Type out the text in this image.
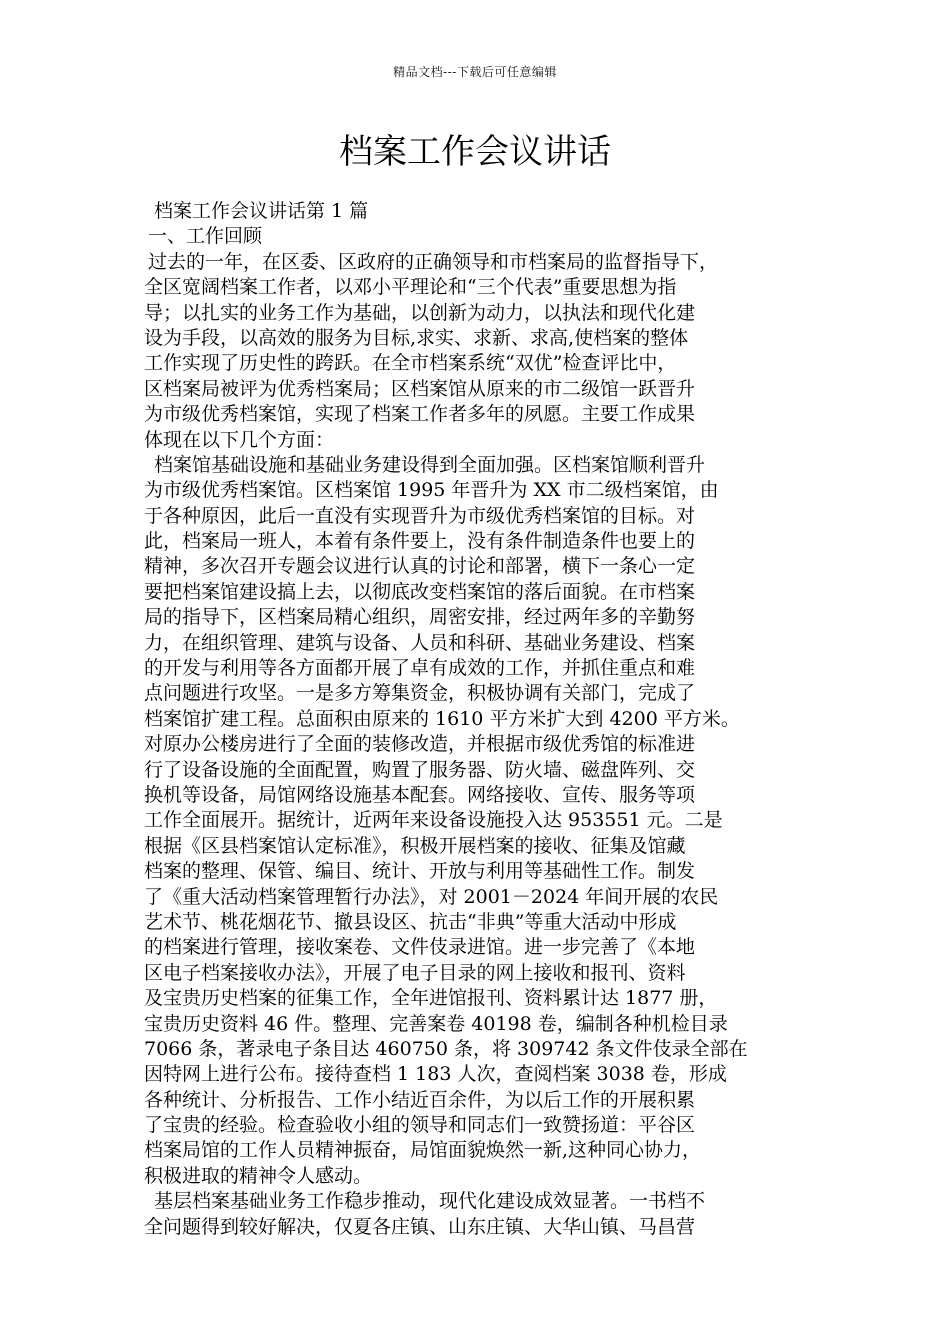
精品文档---下载后可任意编辑
档案工作会议讲话
档案工作会议讲话第 1 篇
一、工作回顾
过去的一年，在区委、区政府的正确领导和市档案局的监督指导下，
全区宽阔档案工作者，以邓小平理论和“三个代表”重要思想为指
导；以扎实的业务工作为基础，以创新为动力，以执法和现代化建
设为手段，以高效的服务为目标,求实、求新、求高,使档案的整体
工作实现了历史性的跨跃。在全市档案系统“双优”检查评比中，
区档案局被评为优秀档案局；区档案馆从原来的市二级馆一跃晋升
为市级优秀档案馆，实现了档案工作者多年的夙愿。主要工作成果
体现在以下几个方面：
档案馆基础设施和基础业务建设得到全面加强。区档案馆顺利晋升
为市级优秀档案馆。区档案馆 1995 年晋升为 XX 市二级档案馆，由
于各种原因，此后一直没有实现晋升为市级优秀档案馆的目标。对
此，档案局一班人，本着有条件要上，没有条件制造条件也要上的
精神，多次召开专题会议进行认真的讨论和部署，横下一条心一定
要把档案馆建设搞上去，以彻底改变档案馆的落后面貌。在市档案
局的指导下，区档案局精心组织，周密安排，经过两年多的辛勤努
力，在组织管理、建筑与设备、人员和科研、基础业务建设、档案
的开发与利用等各方面都开展了卓有成效的工作，并抓住重点和难
点问题进行攻坚。一是多方筹集资金，积极协调有关部门，完成了
档案馆扩建工程。总面积由原来的 1610 平方米扩大到 4200 平方米。
对原办公楼房进行了全面的装修改造，并根据市级优秀馆的标准进
行了设备设施的全面配置，购置了服务器、防火墙、磁盘阵列、交
换机等设备，局馆网络设施基本配套。网络接收、宣传、服务等项
工作全面展开。据统计，近两年来设备设施投入达 953551 元。二是
根据《区县档案馆认定标准》，积极开展档案的接收、征集及馆藏
档案的整理、保管、编目、统计、开放与利用等基础性工作。制发
了《重大活动档案管理暂行办法》，对 2001－2024 年间开展的农民
艺术节、桃花烟花节、撤县设区、抗击“非典”等重大活动中形成
的档案进行管理，接收案卷、文件伎录进馆。进一步完善了《本地
区电子档案接收办法》，开展了电子目录的网上接收和报刊、资料
及宝贵历史档案的征集工作，全年进馆报刊、资料累计达 1877 册，
宝贵历史资料 46 件。整理、完善案卷 40198 卷，编制各种机检目录
7066 条，著录电子条目达 460750 条，将 309742 条文件伎录全部在
因特网上进行公布。接待查档 1 183 人次，查阅档案 3038 卷，形成
各种统计、分析报告、工作小结近百余件，为以后工作的开展积累
了宝贵的经验。检查验收小组的领导和同志们一致赞扬道：平谷区
档案局馆的工作人员精神振奋，局馆面貌焕然一新,这种同心协力，
积极进取的精神令人感动。
基层档案基础业务工作稳步推动，现代化建设成效显著。一书档不
全问题得到较好解决，仅夏各庄镇、山东庄镇、大华山镇、马昌营
